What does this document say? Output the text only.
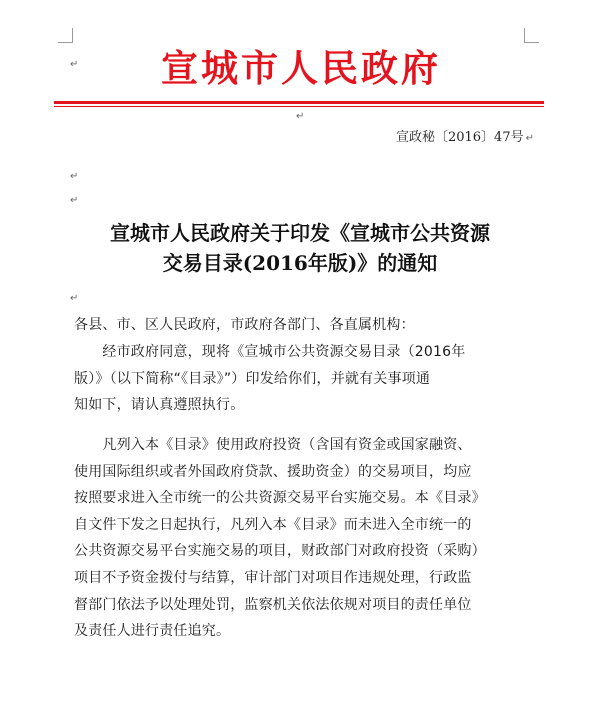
宣城市人民政府
↵
↵
宣政秘〔2016〕47号 ↵
↵
↵
宣城市人民政府关于印发《宣城市公共资源
交易目录(2016年版)》的通知
↵
各县、市、区人民政府，市政府各部门、各直属机构：
　　经市政府同意，现将《宣城市公共资源交易目录（2016年
版）》（以下简称“《目录》”）印发给你们，并就有关事项通
知如下，请认真遵照执行。
　　凡列入本《目录》使用政府投资（含国有资金或国家融资、
使用国际组织或者外国政府贷款、援助资金）的交易项目，均应
按照要求进入全市统一的公共资源交易平台实施交易。本《目录》
自文件下发之日起执行，凡列入本《目录》而未进入全市统一的
公共资源交易平台实施交易的项目，财政部门对政府投资（采购）
项目不予资金拨付与结算，审计部门对项目作违规处理，行政监
督部门依法予以处理处罚，监察机关依法依规对项目的责任单位
及责任人进行责任追究。
